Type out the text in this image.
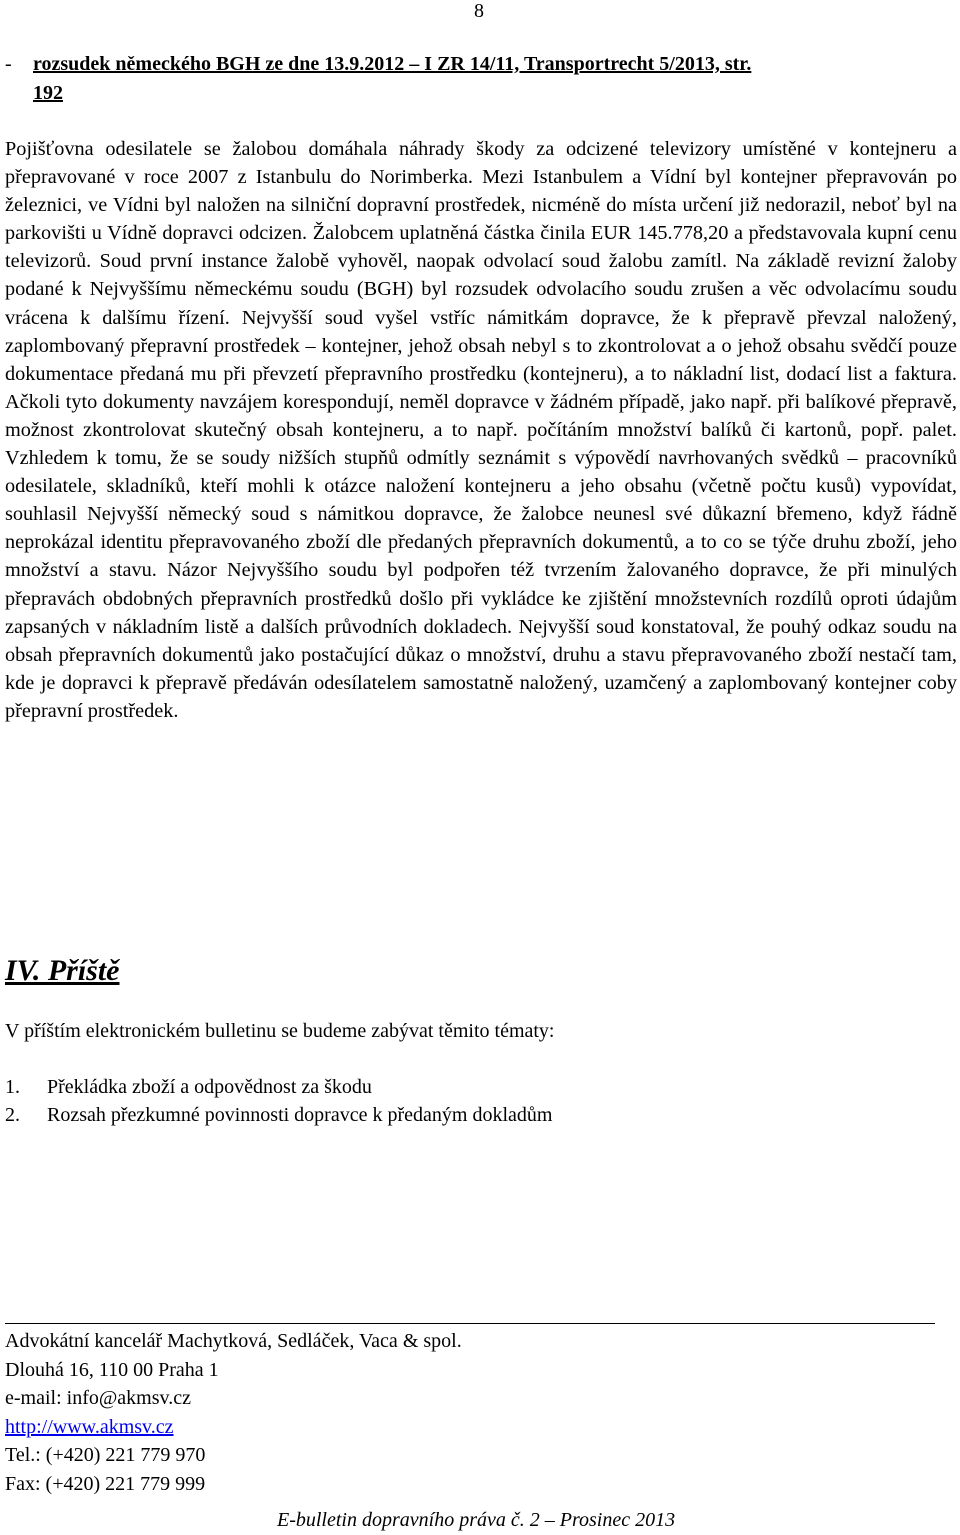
8
- rozsudek německého BGH ze dne 13.9.2012 – I ZR 14/11, Transportrecht 5/2013, str.
192
Pojišťovna odesilatele se žalobou domáhala náhrady škody za odcizené televizory umístěné v kontejneru a přepravované v roce 2007 z Istanbulu do Norimberka. Mezi Istanbulem a Vídní byl kontejner přepravován po železnici, ve Vídni byl naložen na silniční dopravní prostředek, nicméně do místa určení již nedorazil, neboť byl na parkovišti u Vídně dopravci odcizen. Žalobcem uplatněná částka činila EUR 145.778,20 a představovala kupní cenu televizorů. Soud první instance žalobě vyhověl, naopak odvolací soud žalobu zamítl. Na základě revizní žaloby podané k Nejvyššímu německému soudu (BGH) byl rozsudek odvolacího soudu zrušen a věc odvolacímu soudu vrácena k dalšímu řízení. Nejvyšší soud vyšel vstříc námitkám dopravce, že k přepravě převzal naložený, zaplombovaný přepravní prostředek – kontejner, jehož obsah nebyl s to zkontrolovat a o jehož obsahu svědčí pouze dokumentace předaná mu při převzetí přepravního prostředku (kontejneru), a to nákladní list, dodací list a faktura. Ačkoli tyto dokumenty navzájem korespondují, neměl dopravce v žádném případě, jako např. při balíkové přepravě, možnost zkontrolovat skutečný obsah kontejneru, a to např. počítáním množství balíků či kartonů, popř. palet. Vzhledem k tomu, že se soudy nižších stupňů odmítly seznámit s výpovědí navrhovaných svědků – pracovníků odesilatele, skladníků, kteří mohli k otázce naložení kontejneru a jeho obsahu (včetně počtu kusů) vypovídat, souhlasil Nejvyšší německý soud s námitkou dopravce, že žalobce neunesl své důkazní břemeno, když řádně neprokázal identitu přepravovaného zboží dle předaných přepravních dokumentů, a to co se týče druhu zboží, jeho množství a stavu. Názor Nejvyššího soudu byl podpořen též tvrzením žalovaného dopravce, že při minulých přepravách obdobných přepravních prostředků došlo při vykládce ke zjištění množstevních rozdílů oproti údajům zapsaných v nákladním listě a dalších průvodních dokladech. Nejvyšší soud konstatoval, že pouhý odkaz soudu na obsah přepravních dokumentů jako postačující důkaz o množství, druhu a stavu přepravovaného zboží nestačí tam, kde je dopravci k přepravě předáván odesílatelem samostatně naložený, uzamčený a zaplombovaný kontejner coby přepravní prostředek.
IV. Příště
V příštím elektronickém bulletinu se budeme zabývat těmito tématy:
1.	Překládka zboží a odpovědnost za škodu
2.	Rozsah přezkumné povinnosti dopravce k předaným dokladům
Advokátní kancelář Machytková, Sedláček, Vaca & spol.
Dlouhá 16, 110 00 Praha 1
e-mail: info@akmsv.cz
http://www.akmsv.cz
Tel.: (+420) 221 779 970
Fax: (+420) 221 779 999
E-bulletin dopravního práva č. 2 – Prosinec 2013
